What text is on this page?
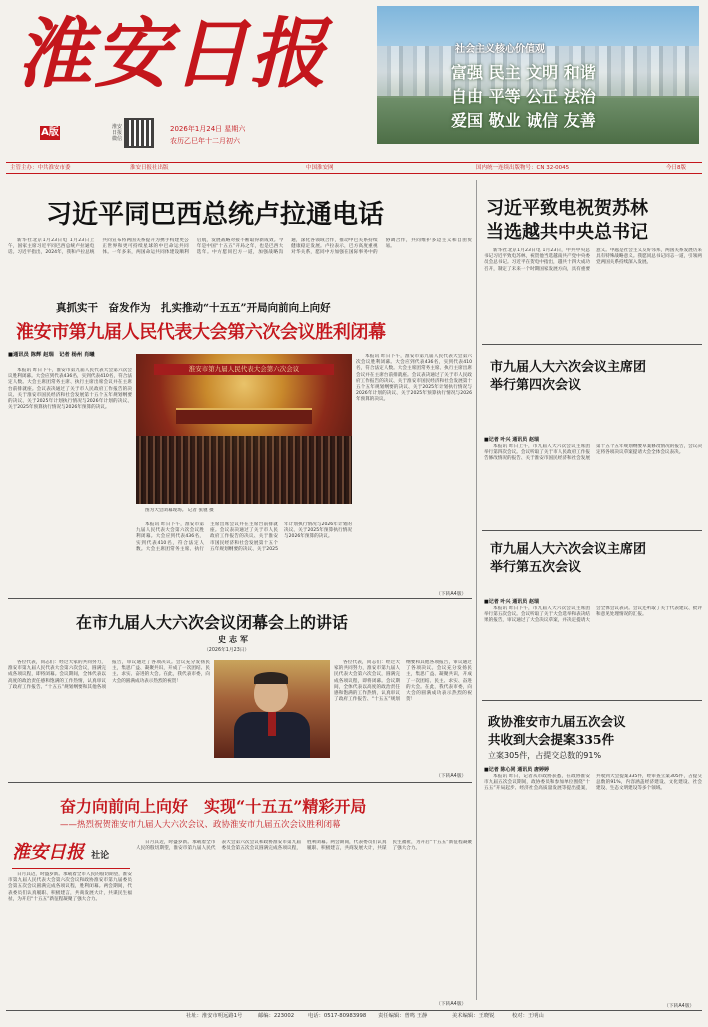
淮安日报
A版	淮安日报微信
2026年1月24日 星期六
农历乙巳年十二月初六
社会主义核心价值观
富强 民主 文明 和谐
自由 平等 公正 法治
爱国 敬业 诚信 友善
主管主办：中共淮安市委	淮安日报社出版	中国淮安网	国内统一连续出版物号：CN 32-0045	今日8版
习近平同巴西总统卢拉通电话

新华社北京1月23日电 1月23日上午，国家主席习近平同巴西总统卢拉通电话。习近平指出，2024年，我和卢拉总统共同宣布将两国关系提升为携手构建更公正世界和更可持续星球的中巴命运共同体。一年多来，两国命运共同体建设顺利启航，发展战略对接不断取得新成效。今年是中国“十五五”开局之年，也是巴西大选年。中方愿同巴方一道，加强战略沟通，深化各领域合作，推动中巴关系持续健康稳定发展。卢拉表示，巴方高度重视对华关系，愿同中方加强在国际事务中的协调合作，共同维护多边主义和自由贸易。

习近平致电祝贺苏林
当选越共中央总书记

新华社北京1月23日电 1月23日，中共中央总书记习近平致电苏林，祝贺他当选越南共产党中央委员会总书记。习近平在贺电中指出，越共十四大成功召开，制定了未来一个时期国家发展方向，具有重要意义。中越是社会主义友好邻邦，两国关系发展历来具有特殊战略意义。我愿同总书记同志一道，引领两党两国关系持续深入发展。

真抓实干　奋发作为　扎实推动“十五五”开局向前向上向好
淮安市第九届人民代表大会第六次会议胜利闭幕
■通讯员 陈辉 赵瑞　记者 杨州 肖曦

本报讯 昨日下午，淮安市第九届人民代表大会第六次会议胜利闭幕。大会应到代表436名，实到代表410名，符合法定人数。大会主席团常务主席、执行主席出席会议并在主席台前排就座。会议表决通过了关于市人民政府工作报告的决议、关于淮安市国民经济和社会发展第十五个五年规划纲要的决议、关于2025年计划执行情况与2026年计划的决议、关于2025年预算执行情况与2026年预算的决议。

淮安市第九届人民代表大会第六次会议

图为大会闭幕现场。 记者 张驰 摄

本报讯 昨日下午，淮安市第九届人民代表大会第六次会议胜利闭幕。大会应到代表436名，实到代表410名，符合法定人数。大会主席团常务主席、执行主席出席会议并在主席台前排就座。会议表决通过了关于市人民政府工作报告的决议、关于淮安市国民经济和社会发展第十五个五年规划纲要的决议、关于2025年计划执行情况与2026年计划的决议、关于2025年预算执行情况与2026年预算的决议。

本报讯 昨日下午，淮安市第九届人民代表大会第六次会议胜利闭幕。大会应到代表436名，实到代表410名，符合法定人数。大会主席团常务主席、执行主席出席会议并在主席台前排就座。会议表决通过了关于市人民政府工作报告的决议、关于淮安市国民经济和社会发展第十五个五年规划纲要的决议、关于2025年计划执行情况与2026年计划的决议、关于2025年预算执行情况与2026年预算的决议。

（下转A4版）
市九届人大六次会议主席团
举行第四次会议
■记者 叶兴 通讯员 赵瑞

本报讯 昨日上午，市九届人大六次会议主席团举行第四次会议。会议听取了关于市人民政府工作报告修改情况的报告、关于淮安市国民经济和社会发展第十五个五年规划纲要草案修改情况的报告，会议决定将各项决议草案提请大会全体会议表决。

市九届人大六次会议主席团
举行第五次会议
■记者 叶兴 通讯员 赵瑞

本报讯 昨日下午，市九届人大六次会议主席团举行第五次会议。会议听取了关于大会选举和表决结果的报告，审议通过了大会决议草案，并决定提请大会全体会议表决。会议还听取了关于代表建议、批评和意见处理情况的汇报。

政协淮安市九届五次会议
共收到大会提案335件
立案305件，占提交总数的91%
■记者 陈心同 通讯员 唐婷婷

本报讯 昨日，记者从市政协获悉，在政协淮安市九届五次会议期间，政协委员和参加单位围绕“十五五”开局起步、经济社会高质量发展等提出提案，共收到大会提案335件，经审查立案305件，占提交总数的91%，内容涵盖经济建设、文化建设、社会建设、生态文明建设等多个领域。

（下转A4版）
在市九届人大六次会议闭幕会上的讲话
史志军
（2026年1月23日）

各位代表，同志们：经过大家的共同努力，淮安市第九届人民代表大会第六次会议，圆满完成各项议程，即将闭幕。会议期间，全体代表以高度的政治责任感和饱满的工作热情，认真审议了政府工作报告、“十五五”规划纲要和其他各项报告，审议通过了各项决议。会议充分发扬民主，集思广益、凝聚共识，开成了一次团结、民主、求实、奋进的大会。在此，我代表市委，向大会的圆满成功表示热烈的祝贺！

各位代表，同志们：经过大家的共同努力，淮安市第九届人民代表大会第六次会议，圆满完成各项议程，即将闭幕。会议期间，全体代表以高度的政治责任感和饱满的工作热情，认真审议了政府工作报告、“十五五”规划纲要和其他各项报告，审议通过了各项决议。会议充分发扬民主，集思广益、凝聚共识，开成了一次团结、民主、求实、奋进的大会。在此，我代表市委，向大会的圆满成功表示热烈的祝贺！

（下转A4版）
奋力向前向上向好　实现“十五五”精彩开局
——热烈祝贺淮安市九届人大六次会议、政协淮安市九届五次会议胜利闭幕
淮安日报 社论

日月其迈，时盛岁新。承载着全市人民的殷切期望，淮安市第九届人民代表大会第六次会议和政协淮安市第九届委员会第五次会议圆满完成各项议程，胜利闭幕。两会期间，代表委员们认真履职、积极建言，共商发展大计，共谋民生福祉，为开启“十五五”新征程凝聚了强大合力。

日月其迈，时盛岁新。承载着全市人民的殷切期望，淮安市第九届人民代表大会第六次会议和政协淮安市第九届委员会第五次会议圆满完成各项议程，胜利闭幕。两会期间，代表委员们认真履职、积极建言，共商发展大计，共谋民生福祉，为开启“十五五”新征程凝聚了强大合力。

（下转A4版）
社址：淮安市明远路1号	邮编：223002	电话：0517-80983998 责任编辑：曾鸣 王静	美术编辑：王晓锐	校对：王明山
